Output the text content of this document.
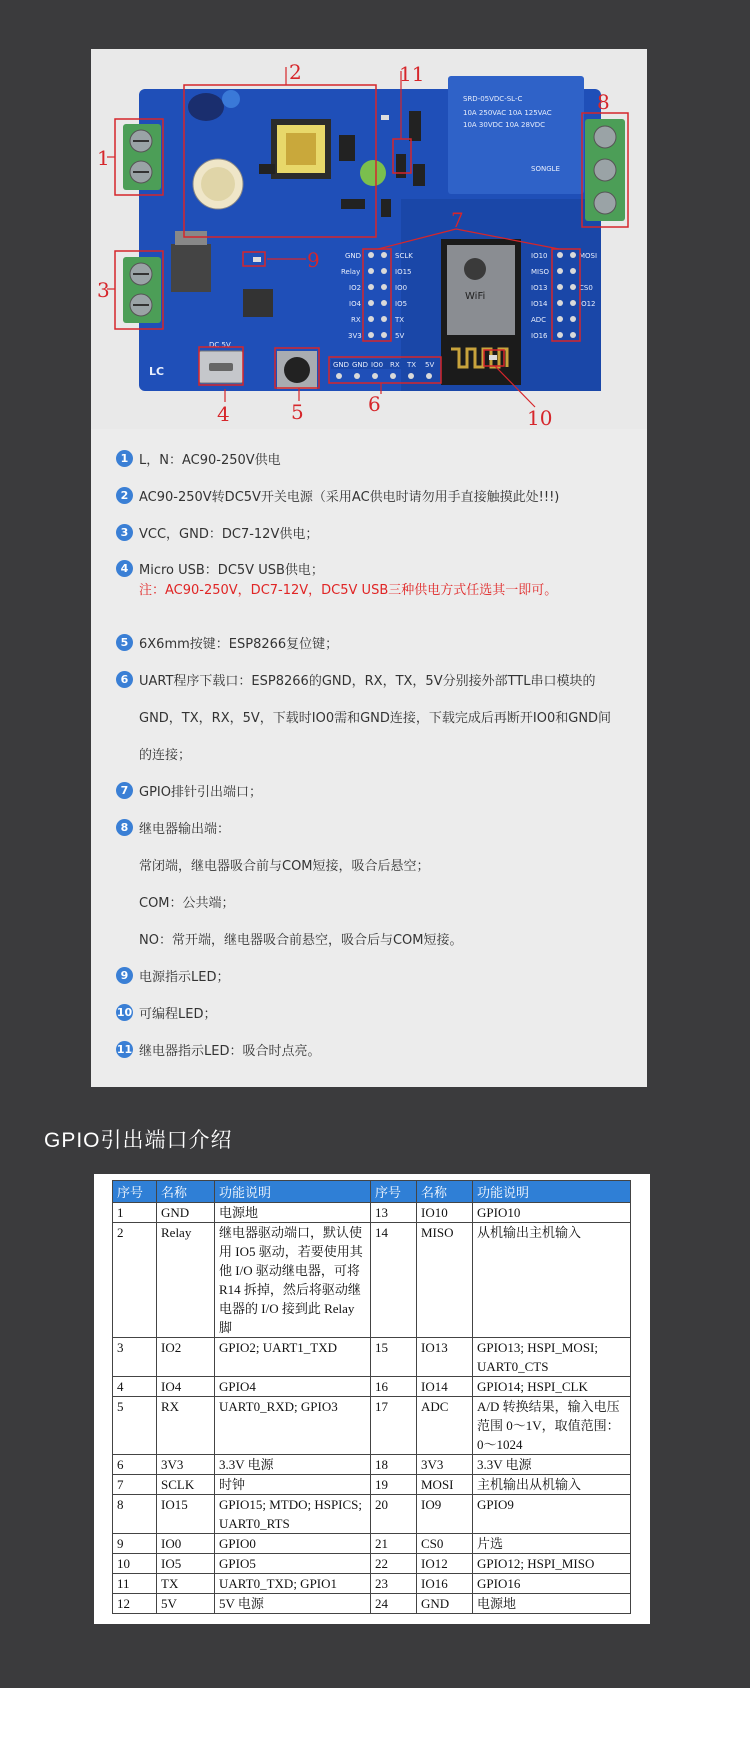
SRD-05VDC-SL-C
10A 250VAC 10A 125VAC
10A 30VDC 10A 28VDC
SONGLE
DC 5V
GND GND IO0 RX TX 5V
LC
WiFi
GND
Relay
IO2
IO4
RX
3V3
SCLK
IO15
IO0
IO5
TX
5V
IO10
MISO
IO13
IO14
ADC
IO16
MOSI
CS0
IO12
2	11
8
1
3
7
9
4	5	6
10
1 L，N：AC90-250V供电
2 AC90-250V转DC5V开关电源（采用AC供电时请勿用手直接触摸此处!!!)
3 VCC，GND：DC7-12V供电；
4 Micro USB：DC5V USB供电；
注：AC90-250V，DC7-12V，DC5V USB三种供电方式任选其一即可。
5 6X6mm按键：ESP8266复位键；
6 UART程序下载口：ESP8266的GND，RX，TX，5V分别接外部TTL串口模块的
GND，TX，RX，5V，下载时IO0需和GND连接，下载完成后再断开IO0和GND间
的连接；
7 GPIO排针引出端口；
8 继电器输出端：
常闭端，继电器吸合前与COM短接，吸合后悬空；
COM：公共端；
NO：常开端，继电器吸合前悬空，吸合后与COM短接。
9 电源指示LED；
10 可编程LED；
11 继电器指示LED：吸合时点亮。
GPIO引出端口介绍
序号	名称	功能说明	序号	名称	功能说明
1	GND	电源地	13	IO10	GPIO10
2	Relay	继电器驱动端口，默认使用 IO5 驱动，若要使用其他 I/O 驱动继电器，可将 R14 拆掉，然后将驱动继电器的 I/O 接到此 Relay 脚	14	MISO	从机输出主机输入
3	IO2	GPIO2; UART1_TXD	15	IO13	GPIO13; HSPI_MOSI; UART0_CTS
4	IO4	GPIO4	16	IO14	GPIO14; HSPI_CLK
5	RX	UART0_RXD; GPIO3	17	ADC	A/D 转换结果，输入电压范围 0～1V，取值范围：0～1024
6	3V3	3.3V 电源	18	3V3	3.3V 电源
7	SCLK	时钟	19	MOSI	主机输出从机输入
8	IO15	GPIO15; MTDO; HSPICS; UART0_RTS	20	IO9	GPIO9
9	IO0	GPIO0	21	CS0	片选
10	IO5	GPIO5	22	IO12	GPIO12; HSPI_MISO
11	TX	UART0_TXD; GPIO1	23	IO16	GPIO16
12	5V	5V 电源	24	GND	电源地
